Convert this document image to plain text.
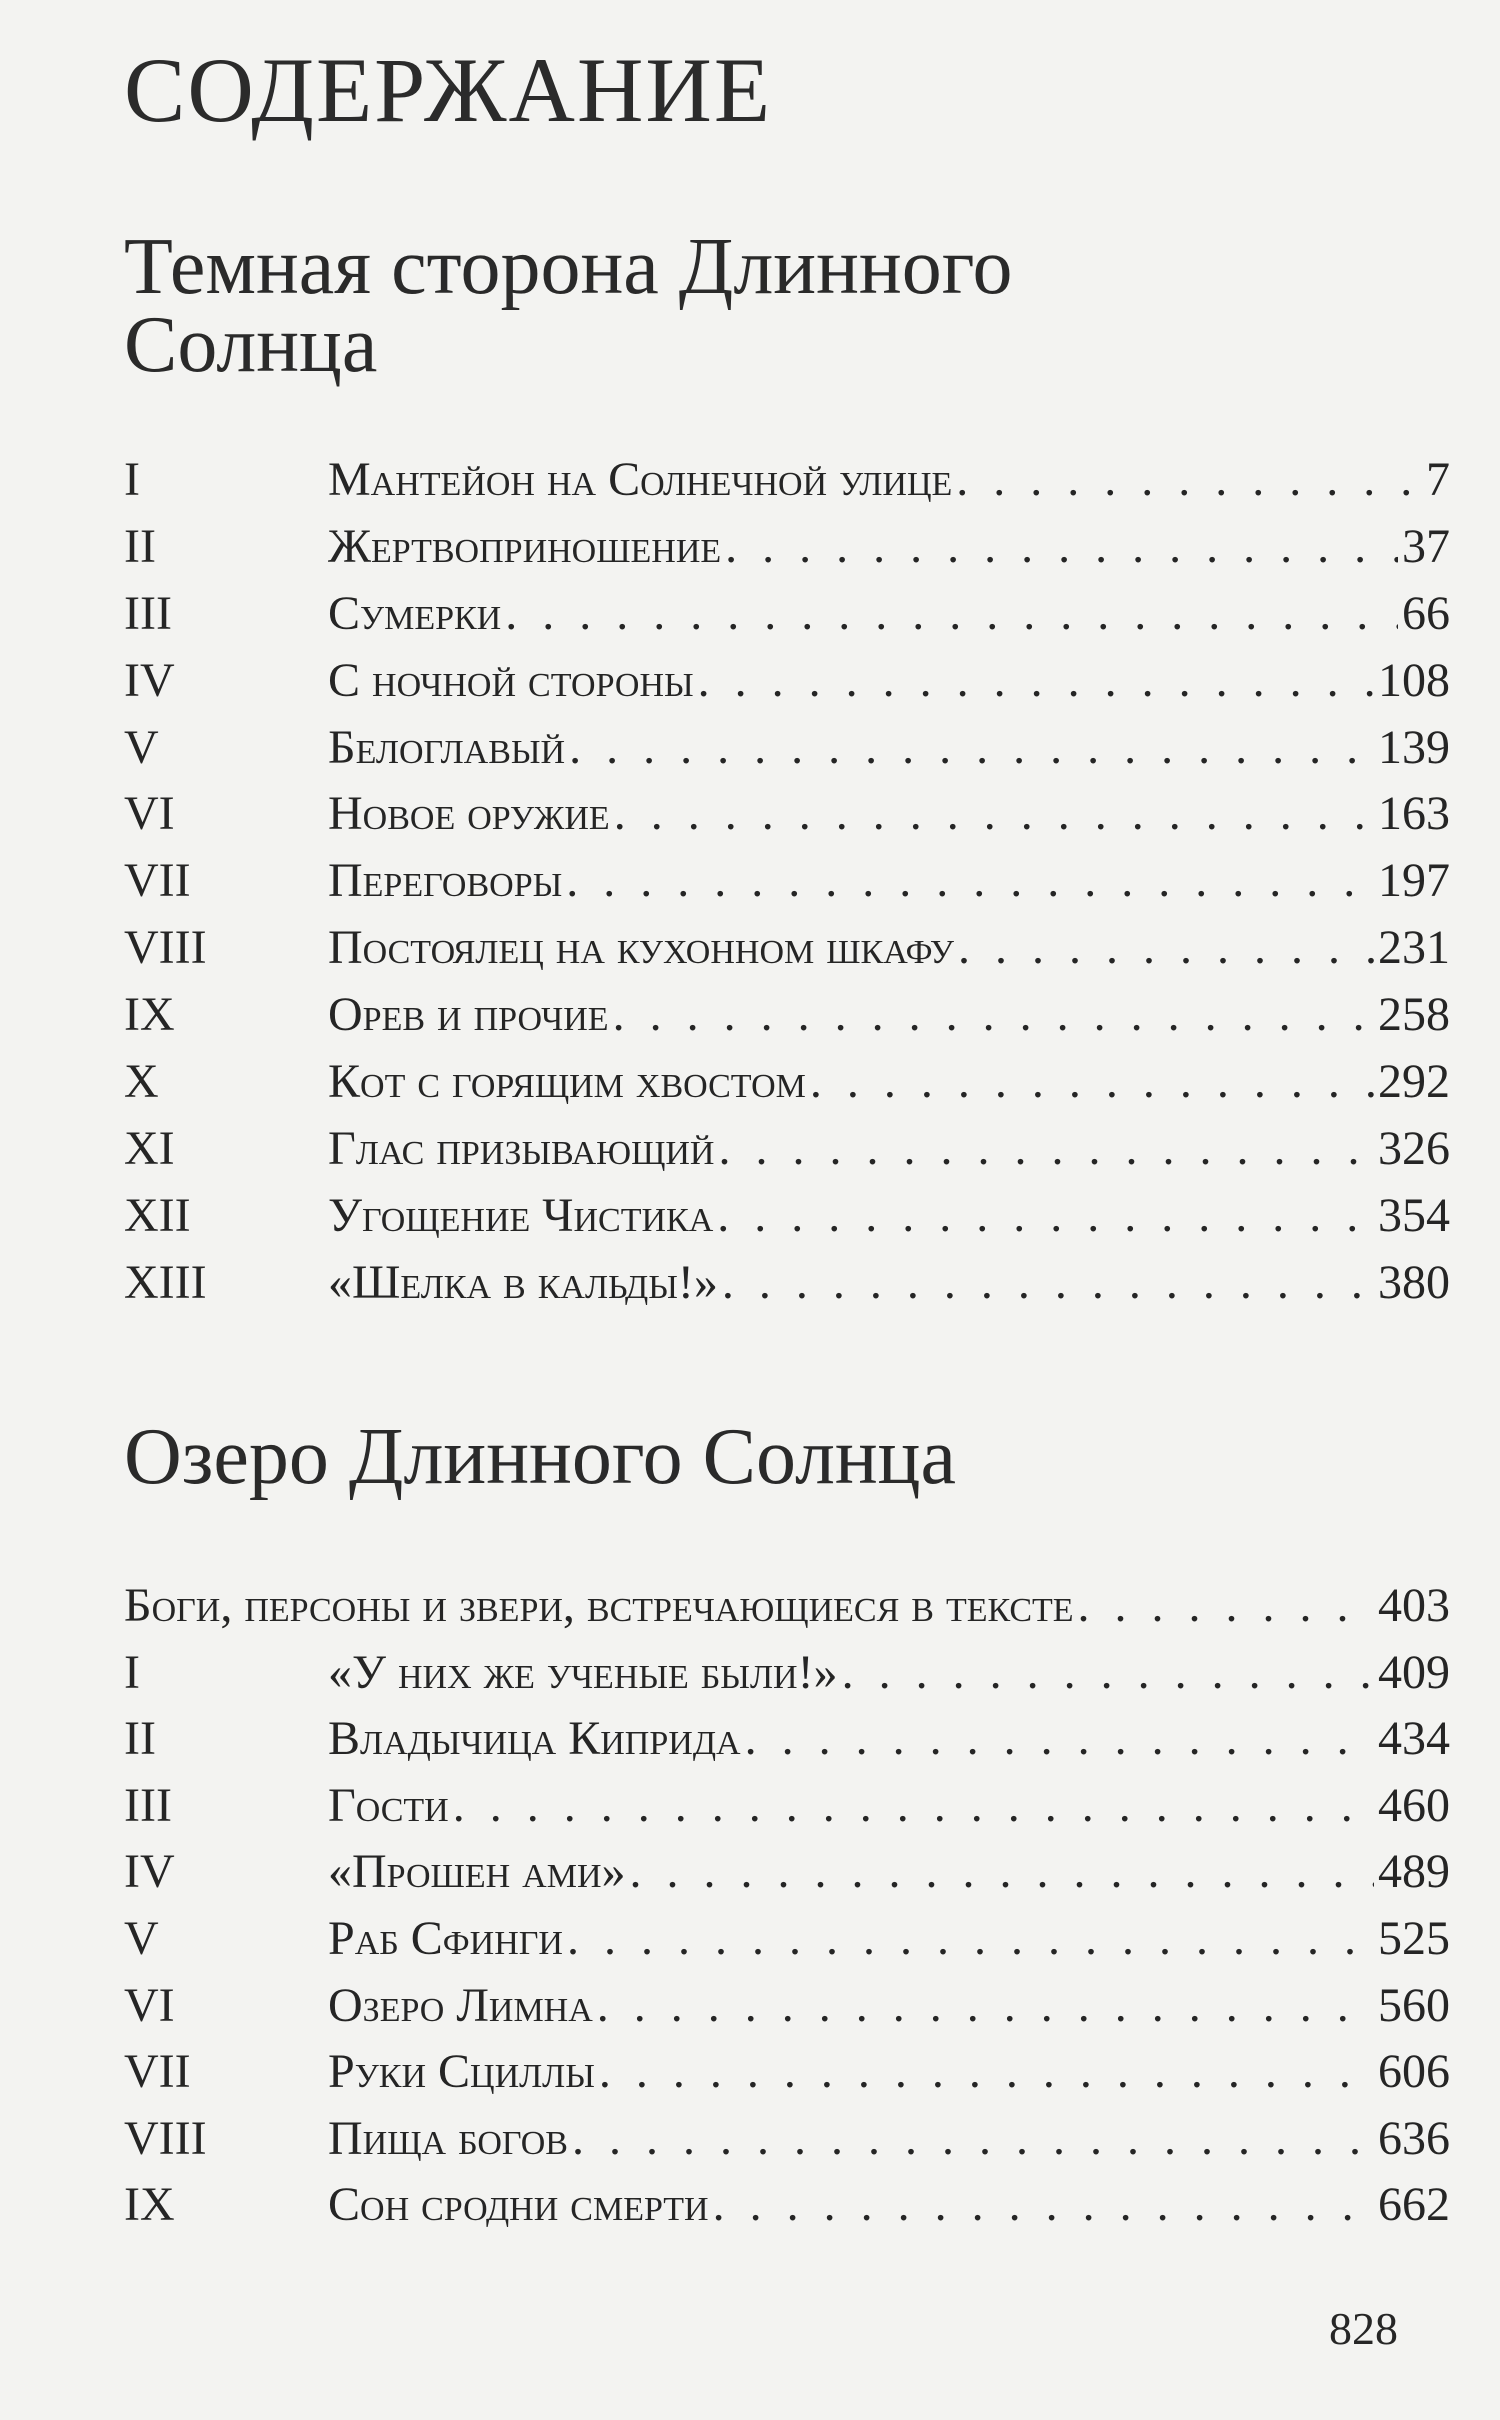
СОДЕРЖАНИЕ
Темная сторона Длинного
Солнца
I	Мантейон на Солнечной улице . . .	7
II	Жертвоприношение . . .	37
III	Сумерки . . .	66
IV	С ночной стороны . . .	108
V	Белоглавый . . .	139
VI	Новое оружие . . .	163
VII	Переговоры . . .	197
VIII	Постоялец на кухонном шкафу . . .	231
IX	Орев и прочие . . .	258
X	Кот с горящим хвостом . . .	292
XI	Глас призывающий . . .	326
XII	Угощение Чистика . . .	354
XIII	«Шелка в кальды!» . . .	380
Озеро Длинного Солнца
Боги, персоны и звери, встречающиеся в тексте . . .	403
I	«У них же ученые были!» . . .	409
II	Владычица Киприда . . .	434
III	Гости . . .	460
IV	«Прошен ами» . . .	489
V	Раб Сфинги . . .	525
VI	Озеро Лимна . . .	560
VII	Руки Сциллы . . .	606
VIII	Пища богов . . .	636
IX	Сон сродни смерти . . .	662
828
